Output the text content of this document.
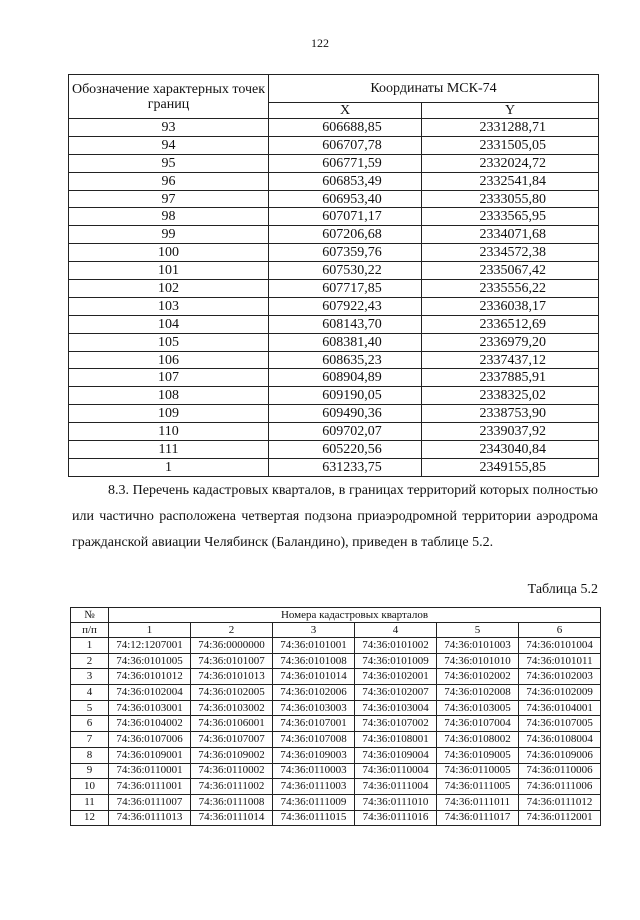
122
Обозначение характерных точек границ	Координаты МСК-74	
	X	Y
93	606688,85	2331288,71
94	606707,78	2331505,05
95	606771,59	2332024,72
96	606853,49	2332541,84
97	606953,40	2333055,80
98	607071,17	2333565,95
99	607206,68	2334071,68
100	607359,76	2334572,38
101	607530,22	2335067,42
102	607717,85	2335556,22
103	607922,43	2336038,17
104	608143,70	2336512,69
105	608381,40	2336979,20
106	608635,23	2337437,12
107	608904,89	2337885,91
108	609190,05	2338325,02
109	609490,36	2338753,90
110	609702,07	2339037,92
111	605220,56	2343040,84
1	631233,75	2349155,85
8.3. Перечень кадастровых кварталов, в границах территорий которых полностью или частично расположена четвертая подзона приаэродромной территории аэродрома гражданской авиации Челябинск (Баландино), приведен в таблице 5.2.
Таблица 5.2
№	Номера кадастровых кварталов					
п/п	1	2	3	4	5	6
1	74:12:1207001	74:36:0000000	74:36:0101001	74:36:0101002	74:36:0101003	74:36:0101004
2	74:36:0101005	74:36:0101007	74:36:0101008	74:36:0101009	74:36:0101010	74:36:0101011
3	74:36:0101012	74:36:0101013	74:36:0101014	74:36:0102001	74:36:0102002	74:36:0102003
4	74:36:0102004	74:36:0102005	74:36:0102006	74:36:0102007	74:36:0102008	74:36:0102009
5	74:36:0103001	74:36:0103002	74:36:0103003	74:36:0103004	74:36:0103005	74:36:0104001
6	74:36:0104002	74:36:0106001	74:36:0107001	74:36:0107002	74:36:0107004	74:36:0107005
7	74:36:0107006	74:36:0107007	74:36:0107008	74:36:0108001	74:36:0108002	74:36:0108004
8	74:36:0109001	74:36:0109002	74:36:0109003	74:36:0109004	74:36:0109005	74:36:0109006
9	74:36:0110001	74:36:0110002	74:36:0110003	74:36:0110004	74:36:0110005	74:36:0110006
10	74:36:0111001	74:36:0111002	74:36:0111003	74:36:0111004	74:36:0111005	74:36:0111006
11	74:36:0111007	74:36:0111008	74:36:0111009	74:36:0111010	74:36:0111011	74:36:0111012
12	74:36:0111013	74:36:0111014	74:36:0111015	74:36:0111016	74:36:0111017	74:36:0112001
